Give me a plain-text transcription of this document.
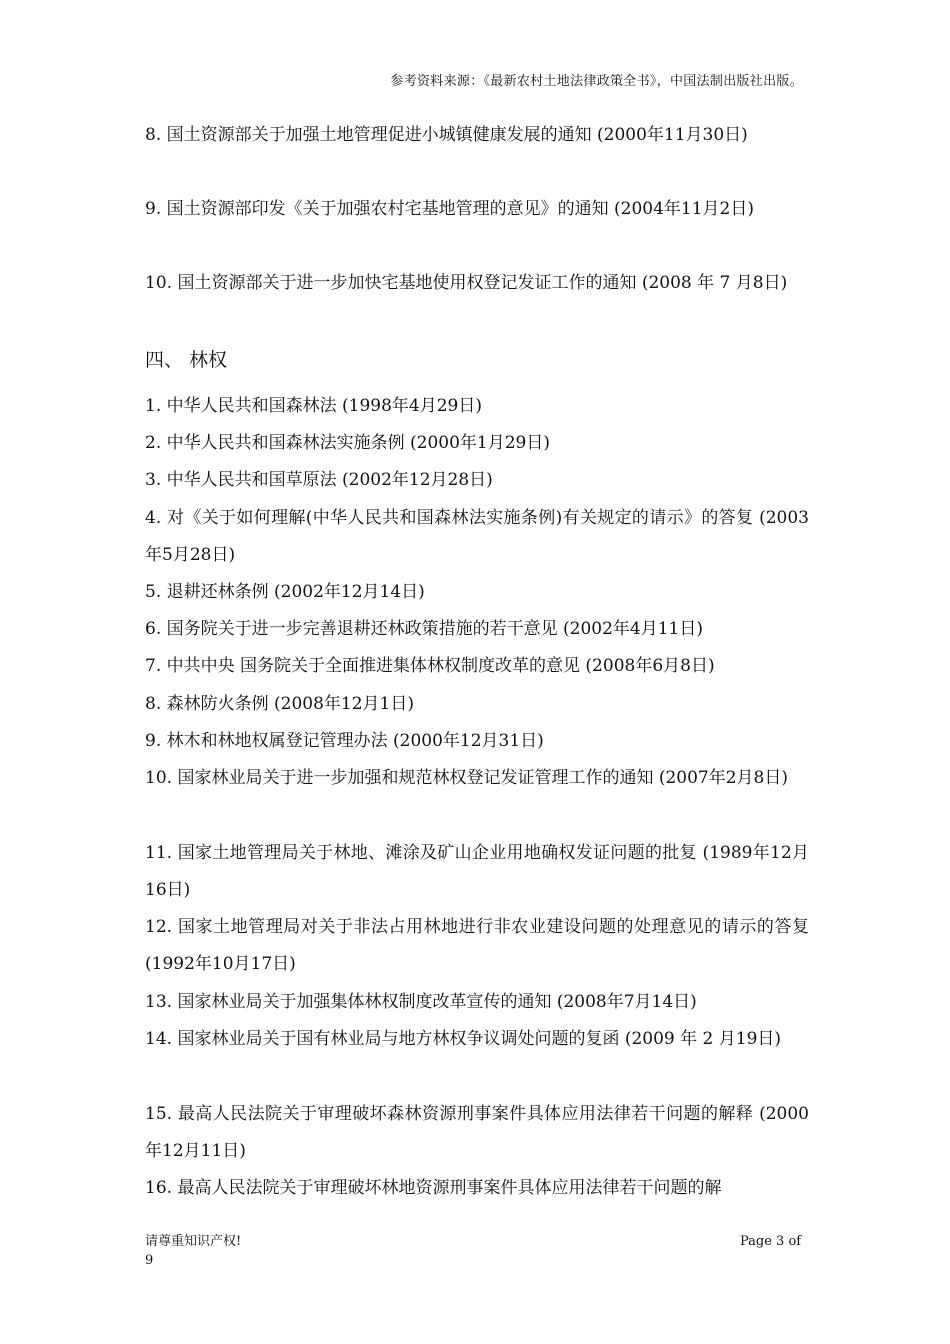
参考资料来源：《最新农村土地法律政策全书》，中国法制出版社出版。
8. 国土资源部关于加强土地管理促进小城镇健康发展的通知 (2000年11月30日)
9. 国土资源部印发《关于加强农村宅基地管理的意见》的通知 (2004年11月2日)
10. 国土资源部关于进一步加快宅基地使用权登记发证工作的通知 (2008 年 7 月8日)
四、 林权
1. 中华人民共和国森林法 (1998年4月29日)
2. 中华人民共和国森林法实施条例 (2000年1月29日)
3. 中华人民共和国草原法 (2002年12月28日)
4. 对《关于如何理解(中华人民共和国森林法实施条例)有关规定的请示》的答复 (2003年5月28日)
5. 退耕还林条例 (2002年12月14日)
6. 国务院关于进一步完善退耕还林政策措施的若干意见 (2002年4月11日)
7. 中共中央 国务院关于全面推进集体林权制度改革的意见 (2008年6月8日)
8. 森林防火条例 (2008年12月1日)
9. 林木和林地权属登记管理办法 (2000年12月31日)
10. 国家林业局关于进一步加强和规范林权登记发证管理工作的通知 (2007年2月8日)
11. 国家土地管理局关于林地、滩涂及矿山企业用地确权发证问题的批复 (1989年12月16日)
12. 国家土地管理局对关于非法占用林地进行非农业建设问题的处理意见的请示的答复 (1992年10月17日)
13. 国家林业局关于加强集体林权制度改革宣传的通知 (2008年7月14日)
14. 国家林业局关于国有林业局与地方林权争议调处问题的复函 (2009 年 2 月19日)
15. 最高人民法院关于审理破坏森林资源刑事案件具体应用法律若干问题的解释 (2000年12月11日)
16. 最高人民法院关于审理破坏林地资源刑事案件具体应用法律若干问题的解
请尊重知识产权!	Page 3 of
9
